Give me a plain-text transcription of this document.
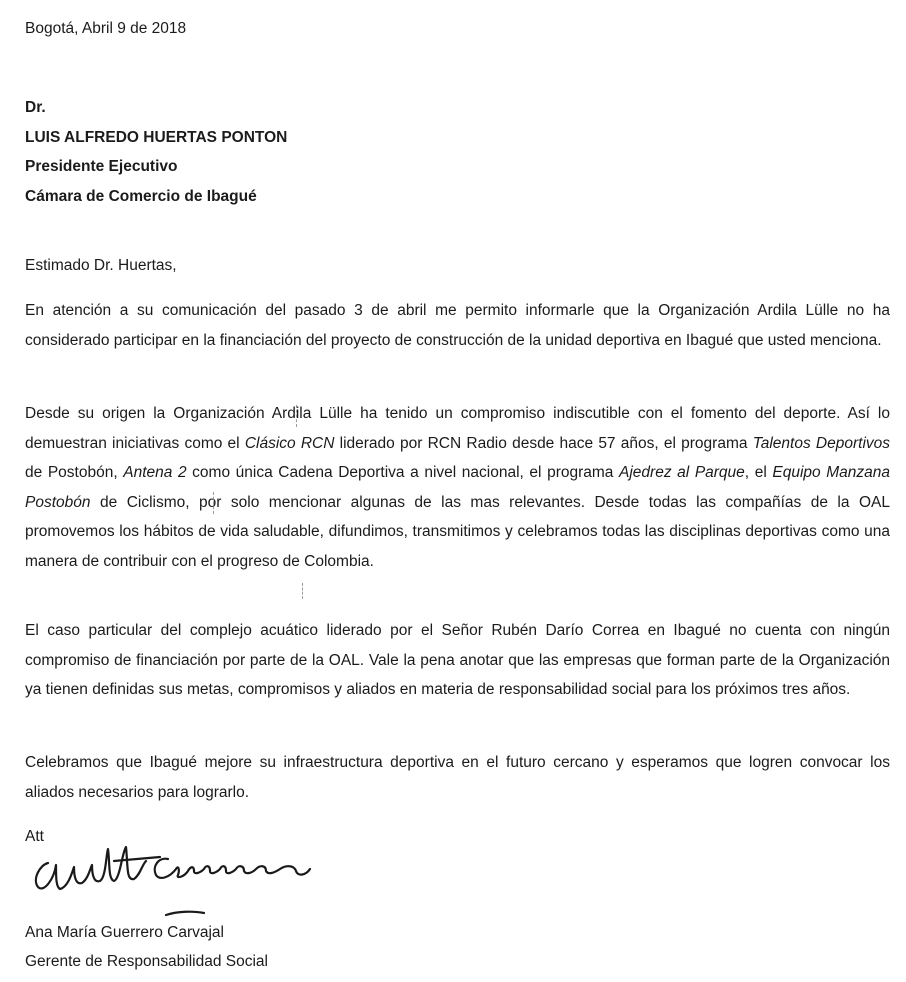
Bogotá, Abril 9 de 2018
Dr.
LUIS ALFREDO HUERTAS PONTON
Presidente Ejecutivo
Cámara de Comercio de Ibagué
Estimado Dr. Huertas,

En atención a su comunicación del pasado 3 de abril me permito informarle que la Organización Ardila Lülle no ha considerado participar en la financiación del proyecto de construcción de la unidad deportiva en Ibagué que usted menciona.

Desde su origen la Organización Ardila Lülle ha tenido un compromiso indiscutible con el fomento del deporte. Así lo demuestran iniciativas como el Clásico RCN liderado por RCN Radio desde hace 57 años, el programa Talentos Deportivos de Postobón, Antena 2 como única Cadena Deportiva a nivel nacional, el programa Ajedrez al Parque, el Equipo Manzana Postobón de Ciclismo, por solo mencionar algunas de las mas relevantes. Desde todas las compañías de la OAL promovemos los hábitos de vida saludable, difundimos, transmitimos y celebramos todas las disciplinas deportivas como una manera de contribuir con el progreso de Colombia.

El caso particular del complejo acuático liderado por el Señor Rubén Darío Correa en Ibagué no cuenta con ningún compromiso de financiación por parte de la OAL. Vale la pena anotar que las empresas que forman parte de la Organización ya tienen definidas sus metas, compromisos y aliados en materia de responsabilidad social para los próximos tres años.

Celebramos que Ibagué mejore su infraestructura deportiva en el futuro cercano y esperamos que logren convocar los aliados necesarios para lograrlo.

Att
Ana María Guerrero Carvajal
Gerente de Responsabilidad Social
